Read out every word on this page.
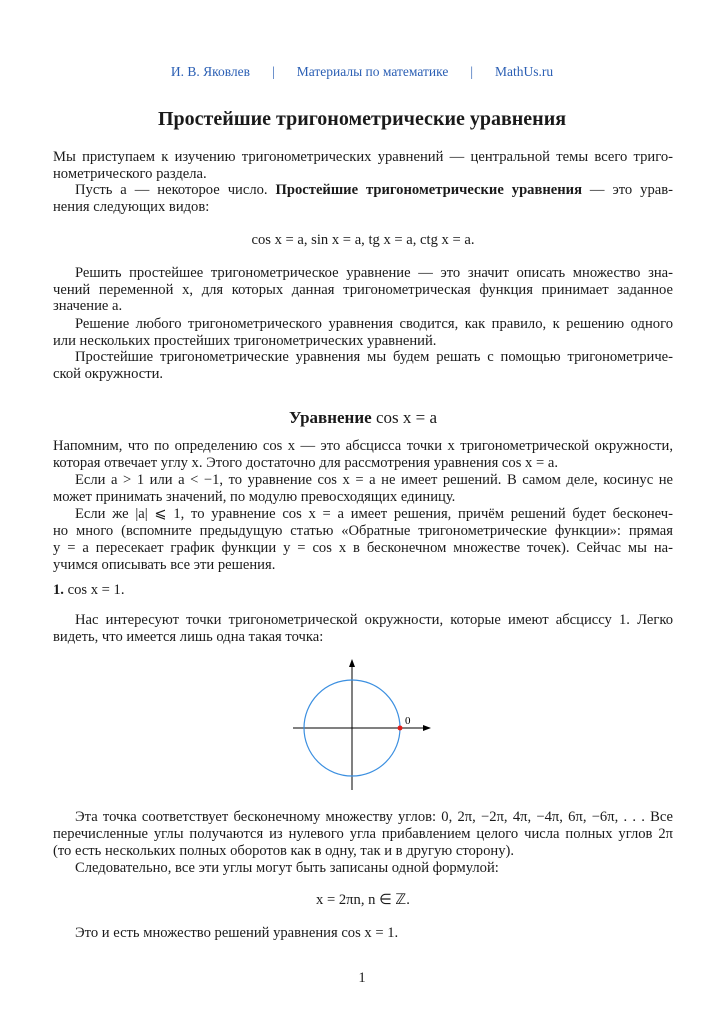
И. В. Яковлев | Материалы по математике | MathUs.ru
Простейшие тригонометрические уравнения
Мы приступаем к изучению тригонометрических уравнений — центральной темы всего триго-
нометрического раздела.
Пусть a — некоторое число. Простейшие тригонометрические уравнения — это урав-
нения следующих видов:
cos x = a, sin x = a, tg x = a, ctg x = a.
Решить простейшее тригонометрическое уравнение — это значит описать множество зна-
чений переменной x, для которых данная тригонометрическая функция принимает заданное
значение a.
Решение любого тригонометрического уравнения сводится, как правило, к решению одного
или нескольких простейших тригонометрических уравнений.
Простейшие тригонометрические уравнения мы будем решать с помощью тригонометриче-
ской окружности.
Уравнение cos x = a
Напомним, что по определению cos x — это абсцисса точки x тригонометрической окружности,
которая отвечает углу x. Этого достаточно для рассмотрения уравнения cos x = a.
Если a > 1 или a < −1, то уравнение cos x = a не имеет решений. В самом деле, косинус не
может принимать значений, по модулю превосходящих единицу.
Если же |a| ⩽ 1, то уравнение cos x = a имеет решения, причём решений будет бесконеч-
но много (вспомните предыдущую статью «Обратные тригонометрические функции»: прямая
y = a пересекает график функции y = cos x в бесконечном множестве точек). Сейчас мы на-
учимся описывать все эти решения.
1. cos x = 1.
Нас интересуют точки тригонометрической окружности, которые имеют абсциссу 1. Легко
видеть, что имеется лишь одна такая точка:
Эта точка соответствует бесконечному множеству углов: 0, 2π, −2π, 4π, −4π, 6π, −6π, . . . Все
перечисленные углы получаются из нулевого угла прибавлением целого числа полных углов 2π
(то есть нескольких полных оборотов как в одну, так и в другую сторону).
Следовательно, все эти углы могут быть записаны одной формулой:
x = 2πn, n ∈ ℤ.
Это и есть множество решений уравнения cos x = 1.
0
1
